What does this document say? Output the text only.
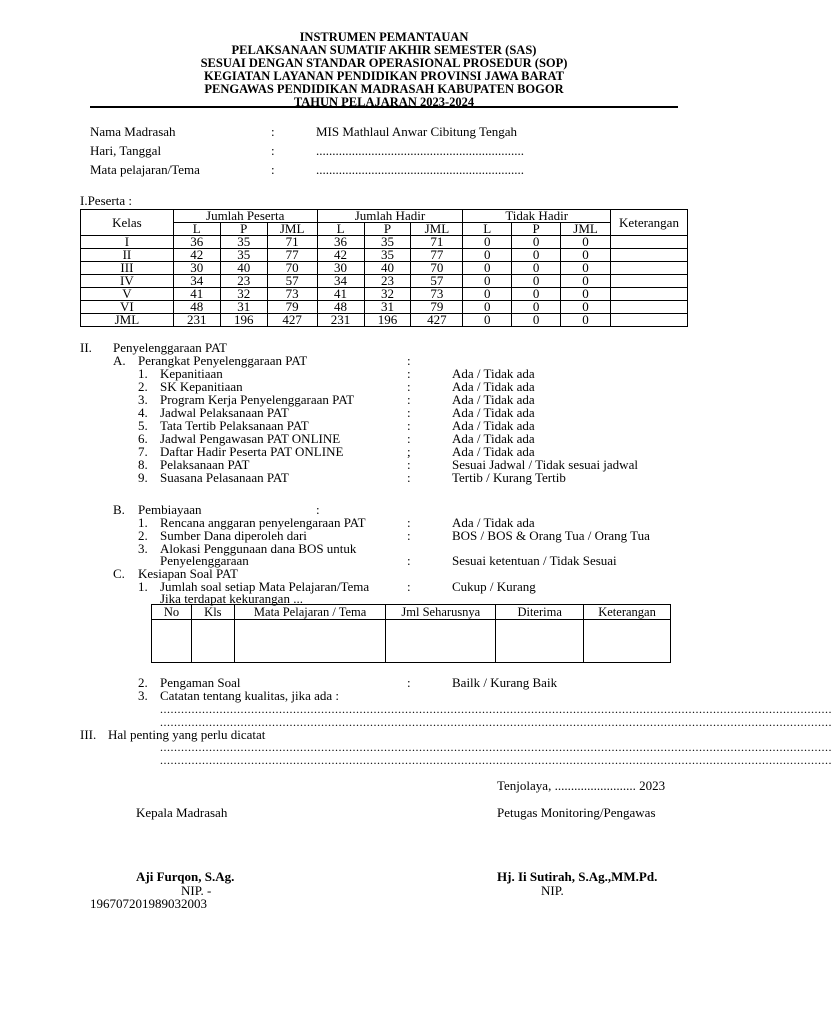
INSTRUMEN PEMANTAUAN
PELAKSANAAN SUMATIF AKHIR SEMESTER (SAS)
SESUAI DENGAN STANDAR OPERASIONAL PROSEDUR (SOP)
KEGIATAN LAYANAN PENDIDIKAN PROVINSI JAWA BARAT
PENGAWAS PENDIDIKAN MADRASAH KABUPATEN BOGOR
TAHUN PELAJARAN 2023-2024
Nama Madrasah	:	MIS Mathlaul Anwar Cibitung Tengah
Hari, Tanggal	:	................................................................
Mata pelajaran/Tema	:	................................................................
I.Peserta :
Kelas	Jumlah Peserta			Jumlah Hadir			Tidak Hadir			Keterangan
	L	P	JML	L	P	JML	L	P	JML	
I	36	35	71	36	35	71	0	0	0	
II	42	35	77	42	35	77	0	0	0	
III	30	40	70	30	40	70	0	0	0	
IV	34	23	57	34	23	57	0	0	0	
V	41	32	73	41	32	73	0	0	0	
VI	48	31	79	48	31	79	0	0	0	
JML	231	196	427	231	196	427	0	0	0	
II. Penyelenggaraan PAT
A. Perangkat Penyelenggaraan PAT	:
1. Kepanitiaan	:	Ada / Tidak ada
2. SK Kepanitiaan	:	Ada / Tidak ada
3. Program Kerja Penyelenggaraan PAT	:	Ada / Tidak ada
4. Jadwal Pelaksanaan PAT	:	Ada / Tidak ada
5. Tata Tertib Pelaksanaan PAT	:	Ada / Tidak ada
6. Jadwal Pengawasan PAT ONLINE	:	Ada / Tidak ada
7. Daftar Hadir Peserta PAT ONLINE	;	Ada / Tidak ada
8. Pelaksanaan PAT	:	Sesuai Jadwal / Tidak sesuai jadwal
9. Suasana Pelasanaan PAT	:	Tertib / Kurang Tertib
B. Pembiayaan	:
1. Rencana anggaran penyelengaraan PAT	:	Ada / Tidak ada
2. Sumber Dana diperoleh dari	:	BOS / BOS & Orang Tua / Orang Tua
3. Alokasi Penggunaan dana BOS untuk
Penyelenggaraan	:	Sesuai ketentuan / Tidak Sesuai
C. Kesiapan Soal PAT
1. Jumlah soal setiap Mata Pelajaran/Tema	:	Cukup / Kurang
Jika terdapat kekurangan ...
No	Kls	Mata Pelajaran / Tema	Jml Seharusnya	Diterima	Keterangan

2. Pengaman Soal	:	Bailk / Kurang Baik
3. Catatan tentang kualitas, jika ada :
................................................................................................................................................................................................
................................................................................................................................................................................................
III. Hal penting yang perlu dicatat
................................................................................................................................................................................................
................................................................................................................................................................................................
Tenjolaya, ......................... 2023
Kepala Madrasah	Petugas Monitoring/Pengawas
Aji Furqon, S.Ag.	Hj. Ii Sutirah, S.Ag.,MM.Pd.
NIP. -	NIP.
196707201989032003
